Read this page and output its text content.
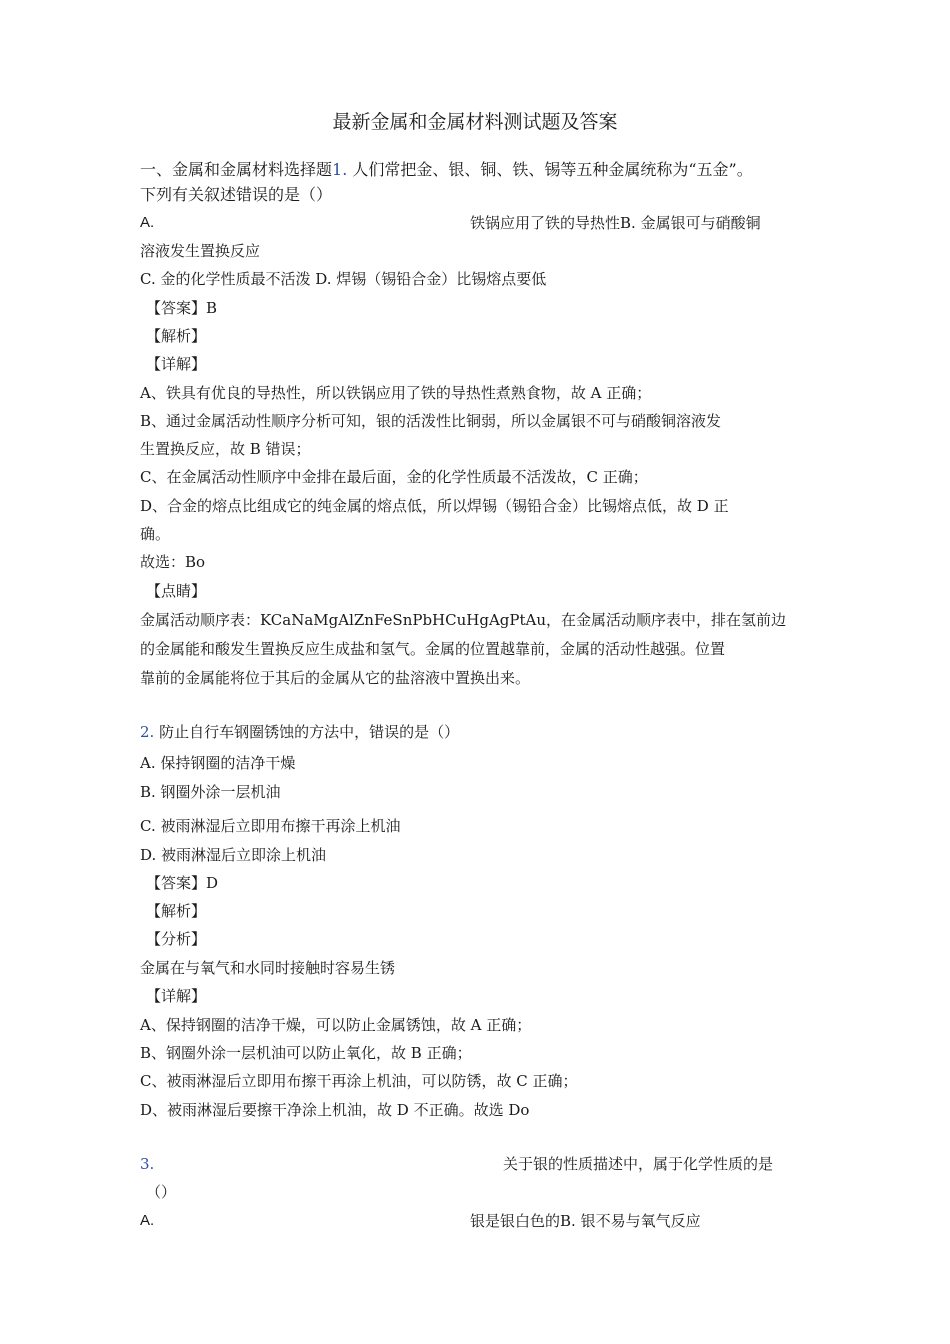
最新金属和金属材料测试题及答案
一、金属和金属材料选择题1. 人们常把金、银、铜、铁、锡等五种金属统称为“五金”。
下列有关叙述错误的是（）
A.	铁锅应用了铁的导热性B. 金属银可与硝酸铜
溶液发生置换反应
C. 金的化学性质最不活泼 D. 焊锡（锡铅合金）比锡熔点要低
【答案】B
【解析】
【详解】
A、铁具有优良的导热性，所以铁锅应用了铁的导热性煮熟食物，故 A 正确；
B、通过金属活动性顺序分析可知，银的活泼性比铜弱，所以金属银不可与硝酸铜溶液发
生置换反应，故 B 错误；
C、在金属活动性顺序中金排在最后面，金的化学性质最不活泼故，C 正确；
D、合金的熔点比组成它的纯金属的熔点低，所以焊锡（锡铅合金）比锡熔点低，故 D 正
确。
故选：Bo
【点睛】
金属活动顺序表：KCaNaMgAlZnFeSnPbHCuHgAgPtAu，在金属活动顺序表中，排在氢前边
的金属能和酸发生置换反应生成盐和氢气。金属的位置越靠前，金属的活动性越强。位置
靠前的金属能将位于其后的金属从它的盐溶液中置换出来。
2. 防止自行车钢圈锈蚀的方法中，错误的是（）
A. 保持钢圈的洁净干燥
B. 钢圈外涂一层机油
C. 被雨淋湿后立即用布擦干再涂上机油
D. 被雨淋湿后立即涂上机油
【答案】D
【解析】
【分析】
金属在与氧气和水同时接触时容易生锈
【详解】
A、保持钢圈的洁净干燥，可以防止金属锈蚀，故 A 正确；
B、钢圈外涂一层机油可以防止氧化，故 B 正确；
C、被雨淋湿后立即用布擦干再涂上机油，可以防锈，故 C 正确；
D、被雨淋湿后要擦干净涂上机油，故 D 不正确。故选 Do
3.	关于银的性质描述中，属于化学性质的是
（）
A.	银是银白色的B. 银不易与氧气反应
